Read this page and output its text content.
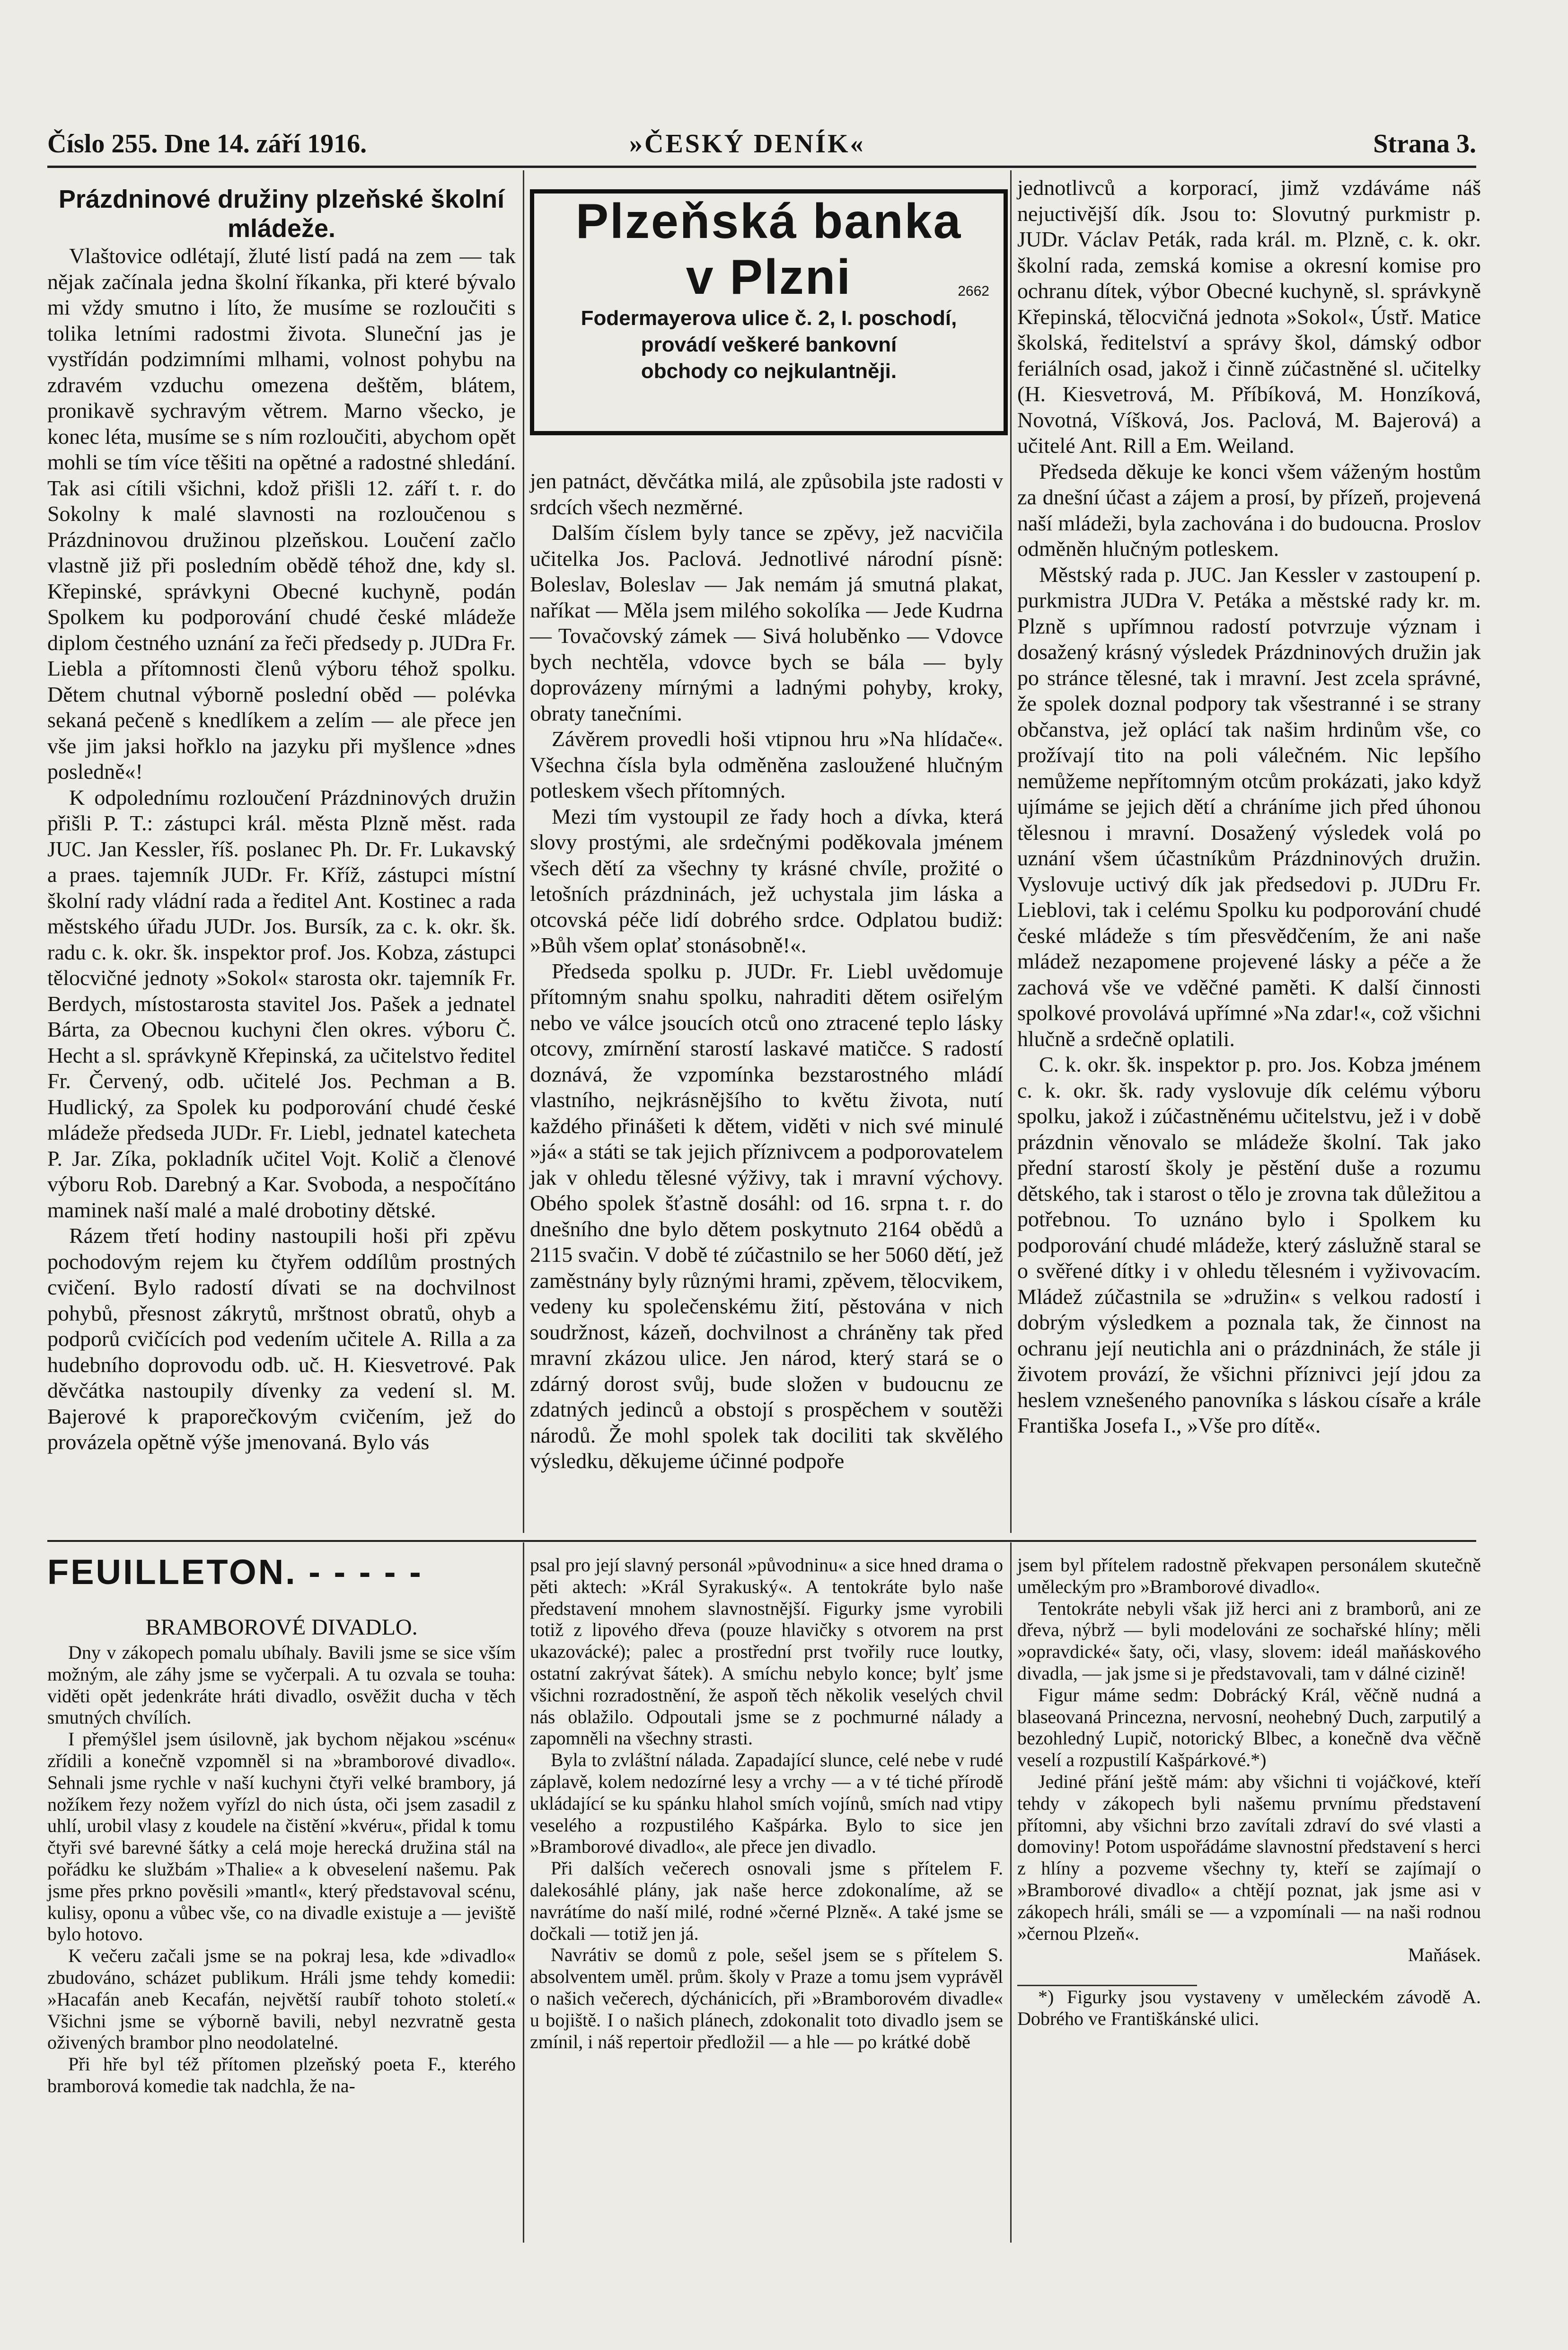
Číslo 255. Dne 14. září 1916.	»ČESKÝ DENÍK«	Strana 3.

Prázdninové družiny plzeňské školní mládeže.

Vlaštovice odlétají, žluté listí padá na zem — tak nějak začínala jedna školní říkanka, při které bývalo mi vždy smutno i líto, že musíme se rozloučiti s tolika letními radostmi života. Sluneční jas je vystřídán podzimními mlhami, volnost pohybu na zdravém vzduchu omezena deštěm, blátem, pronikavě sychravým větrem. Marno všecko, je konec léta, musíme se s ním rozloučiti, abychom opět mohli se tím více těšiti na opětné a radostné shledání. Tak asi cítili všichni, kdož přišli 12. září t. r. do Sokolny k malé slavnosti na rozloučenou s Prázdninovou družinou plzeňskou. Loučení začlo vlastně již při posledním obědě téhož dne, kdy sl. Křepinské, správkyni Obecné kuchyně, podán Spolkem ku podporování chudé české mládeže diplom čestného uznání za řeči předsedy p. JUDra Fr. Liebla a přítomnosti členů výboru téhož spolku. Dětem chutnal výborně poslední oběd — polévka sekaná pečeně s knedlíkem a zelím — ale přece jen vše jim jaksi hořklo na jazyku při myšlence »dnes posledně«!

K odpolednímu rozloučení Prázdninových družin přišli P. T.: zástupci král. města Plzně měst. rada JUC. Jan Kessler, říš. poslanec Ph. Dr. Fr. Lukavský a praes. tajemník JUDr. Fr. Kříž, zástupci místní školní rady vládní rada a ředitel Ant. Kostinec a rada městského úřadu JUDr. Jos. Bursík, za c. k. okr. šk. radu c. k. okr. šk. inspektor prof. Jos. Kobza, zástupci tělocvičné jednoty »Sokol« starosta okr. tajemník Fr. Berdych, místostarosta stavitel Jos. Pašek a jednatel Bárta, za Obecnou kuchyni člen okres. výboru Č. Hecht a sl. správkyně Křepinská, za učitelstvo ředitel Fr. Červený, odb. učitelé Jos. Pechman a B. Hudlický, za Spolek ku podporování chudé české mládeže předseda JUDr. Fr. Liebl, jednatel katecheta P. Jar. Zíka, pokladník učitel Vojt. Količ a členové výboru Rob. Darebný a Kar. Svoboda, a nespočítáno maminek naší malé a malé drobotiny dětské.

Rázem třetí hodiny nastoupili hoši při zpěvu pochodovým rejem ku čtyřem oddílům prostných cvičení. Bylo radostí dívati se na dochvilnost pohybů, přesnost zákrytů, mrštnost obratů, ohyb a podporů cvičících pod vedením učitele A. Rilla a za hudebního doprovodu odb. uč. H. Kiesvetrové. Pak děvčátka nastoupily dívenky za vedení sl. M. Bajerové k praporečkovým cvičením, jež do provázela opětně výše jmenovaná. Bylo vás

Plzeňská banka
v Plzni	2662
Fodermayerova ulice č. 2, I. poschodí,
provádí veškeré bankovní
obchody co nejkulantněji.

jen patnáct, děvčátka milá, ale způsobila jste radosti v srdcích všech nezměrné.

Dalším číslem byly tance se zpěvy, jež nacvičila učitelka Jos. Paclová. Jednotlivé národní písně: Boleslav, Boleslav — Jak nemám já smutná plakat, naříkat — Měla jsem milého sokolíka — Jede Kudrna — Tovačovský zámek — Sivá holuběnko — Vdovce bych nechtěla, vdovce bych se bála — byly doprovázeny mírnými a ladnými pohyby, kroky, obraty tanečními.

Závěrem provedli hoši vtipnou hru »Na hlídače«. Všechna čísla byla odměněna zasloužené hlučným potleskem všech přítomných.

Mezi tím vystoupil ze řady hoch a dívka, která slovy prostými, ale srdečnými poděkovala jménem všech dětí za všechny ty krásné chvíle, prožité o letošních prázdninách, jež uchystala jim láska a otcovská péče lidí dobrého srdce. Odplatou budiž: »Bůh všem oplať stonásobně!«.

Předseda spolku p. JUDr. Fr. Liebl uvědomuje přítomným snahu spolku, nahraditi dětem osiřelým nebo ve válce jsoucích otců ono ztracené teplo lásky otcovy, zmírnění starostí laskavé matičce. S radostí doznává, že vzpomínka bezstarostného mládí vlastního, nejkrásnějšího to květu života, nutí každého přinášeti k dětem, viděti v nich své minulé »já« a státi se tak jejich příznivcem a podporovatelem jak v ohledu tělesné výživy, tak i mravní výchovy. Obého spolek šťastně dosáhl: od 16. srpna t. r. do dnešního dne bylo dětem poskytnuto 2164 obědů a 2115 svačin. V době té zúčastnilo se her 5060 dětí, jež zaměstnány byly různými hrami, zpěvem, tělocvikem, vedeny ku společenskému žití, pěstována v nich soudržnost, kázeň, dochvilnost a chráněny tak před mravní zkázou ulice. Jen národ, který stará se o zdárný dorost svůj, bude složen v budoucnu ze zdatných jedinců a obstojí s prospěchem v soutěži národů. Že mohl spolek tak dociliti tak skvělého výsledku, děkujeme účinné podpoře

jednotlivců a korporací, jimž vzdáváme náš nejuctivější dík. Jsou to: Slovutný purkmistr p. JUDr. Václav Peták, rada král. m. Plzně, c. k. okr. školní rada, zemská komise a okresní komise pro ochranu dítek, výbor Obecné kuchyně, sl. správkyně Křepinská, tělocvičná jednota »Sokol«, Ústř. Matice školská, ředitelství a správy škol, dámský odbor feriálních osad, jakož i činně zúčastněné sl. učitelky (H. Kiesvetrová, M. Příbíková, M. Honzíková, Novotná, Víšková, Jos. Paclová, M. Bajerová) a učitelé Ant. Rill a Em. Weiland.

Předseda děkuje ke konci všem váženým hostům za dnešní účast a zájem a prosí, by přízeň, projevená naší mládeži, byla zachována i do budoucna. Proslov odměněn hlučným potleskem.

Městský rada p. JUC. Jan Kessler v zastoupení p. purkmistra JUDra V. Petáka a městské rady kr. m. Plzně s upřímnou radostí potvrzuje význam i dosažený krásný výsledek Prázdninových družin jak po stránce tělesné, tak i mravní. Jest zcela správné, že spolek doznal podpory tak všestranné i se strany občanstva, jež oplácí tak našim hrdinům vše, co prožívají tito na poli válečném. Nic lepšího nemůžeme nepřítomným otcům prokázati, jako když ujímáme se jejich dětí a chráníme jich před úhonou tělesnou i mravní. Dosažený výsledek volá po uznání všem účastníkům Prázdninových družin. Vyslovuje uctivý dík jak předsedovi p. JUDru Fr. Lieblovi, tak i celému Spolku ku podporování chudé české mládeže s tím přesvědčením, že ani naše mládež nezapomene projevené lásky a péče a že zachová vše ve vděčné paměti. K další činnosti spolkové provolává upřímné »Na zdar!«, což všichni hlučně a srdečně oplatili.

C. k. okr. šk. inspektor p. pro. Jos. Kobza jménem c. k. okr. šk. rady vyslovuje dík celému výboru spolku, jakož i zúčastněnému učitelstvu, jež i v době prázdnin věnovalo se mládeže školní. Tak jako přední starostí školy je pěstění duše a rozumu dětského, tak i starost o tělo je zrovna tak důležitou a potřebnou. To uznáno bylo i Spolkem ku podporování chudé mládeže, který záslužně staral se o svěřené dítky i v ohledu tělesném i vyživovacím. Mládež zúčastnila se »družin« s velkou radostí i dobrým výsledkem a poznala tak, že činnost na ochranu její neutichla ani o prázdninách, že stále ji životem provází, že všichni příznivci její jdou za heslem vznešeného panovníka s láskou císaře a krále Františka Josefa I., »Vše pro dítě«.

FEUILLETON. - - - - -

BRAMBOROVÉ DIVADLO.

Dny v zákopech pomalu ubíhaly. Bavili jsme se sice vším možným, ale záhy jsme se vyčerpali. A tu ozvala se touha: viděti opět jedenkráte hráti divadlo, osvěžit ducha v těch smutných chvílích.

I přemýšlel jsem úsilovně, jak bychom nějakou »scénu« zřídili a konečně vzpomněl si na »bramborové divadlo«. Sehnali jsme rychle v naší kuchyni čtyři velké brambory, já nožíkem řezy nožem vyřízl do nich ústa, oči jsem zasadil z uhlí, urobil vlasy z koudele na čistění »kvéru«, přidal k tomu čtyři své barevné šátky a celá moje herecká družina stál na pořádku ke službám »Thalie« a k obveselení našemu. Pak jsme přes prkno pověsili »mantl«, který představoval scénu, kulisy, oponu a vůbec vše, co na divadle existuje a — jeviště bylo hotovo.

K večeru začali jsme se na pokraj lesa, kde »divadlo« zbudováno, scházet publikum. Hráli jsme tehdy komedii: »Hacafán aneb Kecafán, největší raubíř tohoto století.« Všichni jsme se výborně bavili, nebyl nezvratně gesta oživených brambor plno neodolatelné.

Při hře byl též přítomen plzeňský poeta F., kterého bramborová komedie tak nadchla, že na-

psal pro její slavný personál »původninu« a sice hned drama o pěti aktech: »Král Syrakuský«. A tentokráte bylo naše představení mnohem slavnostnější. Figurky jsme vyrobili totiž z lipového dřeva (pouze hlavičky s otvorem na prst ukazovácké); palec a prostřední prst tvořily ruce loutky, ostatní zakrývat šátek). A smíchu nebylo konce; bylť jsme všichni rozradostnění, že aspoň těch několik veselých chvil nás oblažilo. Odpoutali jsme se z pochmurné nálady a zapomněli na všechny strasti.

Byla to zvláštní nálada. Zapadající slunce, celé nebe v rudé záplavě, kolem nedozírné lesy a vrchy — a v té tiché přírodě ukládající se ku spánku hlahol smích vojínů, smích nad vtipy veselého a rozpustilého Kašpárka. Bylo to sice jen »Bramborové divadlo«, ale přece jen divadlo.

Při dalších večerech osnovali jsme s přítelem F. dalekosáhlé plány, jak naše herce zdokonalíme, až se navrátíme do naší milé, rodné »černé Plzně«. A také jsme se dočkali — totiž jen já.

Navrátiv se domů z pole, sešel jsem se s přítelem S. absolventem uměl. prům. školy v Praze a tomu jsem vyprávěl o našich večerech, dýchánicích, při »Bramborovém divadle« u bojiště. I o našich plánech, zdokonalit toto divadlo jsem se zmínil, i náš repertoir předložil — a hle — po krátké době

jsem byl přítelem radostně překvapen personálem skutečně uměleckým pro »Bramborové divadlo«.

Tentokráte nebyli však již herci ani z bramborů, ani ze dřeva, nýbrž — byli modelováni ze sochařské hlíny; měli »opravdické« šaty, oči, vlasy, slovem: ideál maňáskového divadla, — jak jsme si je představovali, tam v dálné cizině!

Figur máme sedm: Dobrácký Král, věčně nudná a blaseovaná Princezna, nervosní, neohebný Duch, zarputilý a bezohledný Lupič, notorický Blbec, a konečně dva věčně veselí a rozpustilí Kašpárkové.*)

Jediné přání ještě mám: aby všichni ti vojáčkové, kteří tehdy v zákopech byli našemu prvnímu představení přítomni, aby všichni brzo zavítali zdraví do své vlasti a domoviny! Potom uspořádáme slavnostní představení s herci z hlíny a pozveme všechny ty, kteří se zajímají o »Bramborové divadlo« a chtějí poznat, jak jsme asi v zákopech hráli, smáli se — a vzpomínali — na naši rodnou »černou Plzeň«.

Maňásek.

*) Figurky jsou vystaveny v uměleckém závodě A. Dobrého ve Františkánské ulici.
